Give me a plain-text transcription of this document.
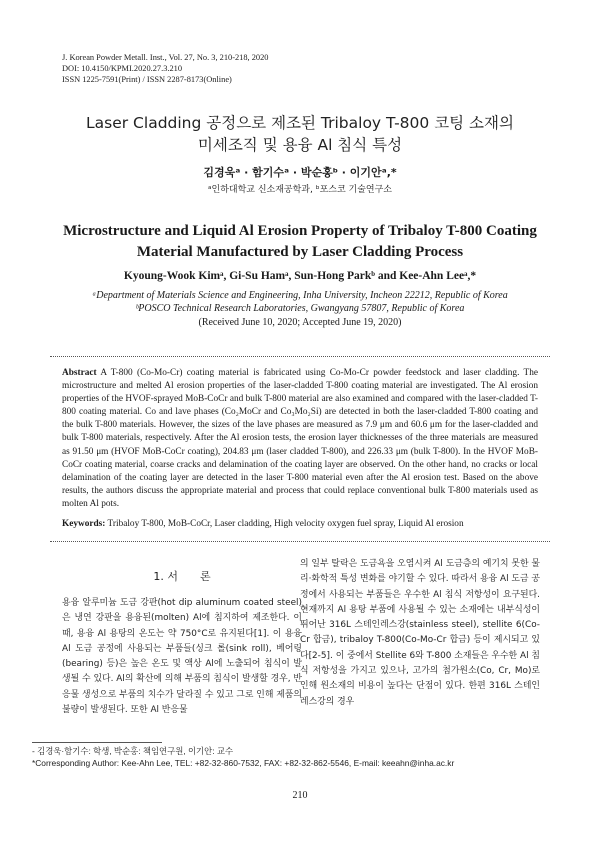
J. Korean Powder Metall. Inst., Vol. 27, No. 3, 210-218, 2020
DOI: 10.4150/KPMI.2020.27.3.210
ISSN 1225-7591(Print) / ISSN 2287-8173(Online)
Laser Cladding 공정으로 제조된 Tribaloy T-800 코팅 소재의
미세조직 및 용융 Al 침식 특성
김경욱ᵃ · 함기수ᵃ · 박순홍ᵇ · 이기안ᵃ,*
ᵃ인하대학교 신소재공학과, ᵇ포스코 기술연구소
Microstructure and Liquid Al Erosion Property of Tribaloy T-800 Coating
Material Manufactured by Laser Cladding Process
Kyoung-Wook Kimᵃ, Gi-Su Hamᵃ, Sun-Hong Parkᵇ and Kee-Ahn Leeᵃ,*
ᵃDepartment of Materials Science and Engineering, Inha University, Incheon 22212, Republic of Korea
ᵇPOSCO Technical Research Laboratories, Gwangyang 57807, Republic of Korea
(Received June 10, 2020; Accepted June 19, 2020)
Abstract A T-800 (Co-Mo-Cr) coating material is fabricated using Co-Mo-Cr powder feedstock and laser cladding. The microstructure and melted Al erosion properties of the laser-cladded T-800 coating material are investigated. The Al erosion properties of the HVOF-sprayed MoB-CoCr and bulk T-800 material are also examined and compared with the laser-cladded T-800 coating material. Co and lave phases (Co₂MoCr and Co₃Mo₂Si) are detected in both the laser-cladded T-800 coating and the bulk T-800 materials. However, the sizes of the lave phases are measured as 7.9 μm and 60.6 μm for the laser-cladded and bulk T-800 materials, respectively. After the Al erosion tests, the erosion layer thicknesses of the three materials are measured as 91.50 μm (HVOF MoB-CoCr coating), 204.83 μm (laser cladded T-800), and 226.33 μm (bulk T-800). In the HVOF MoB-CoCr coating material, coarse cracks and delamination of the coating layer are observed. On the other hand, no cracks or local delamination of the coating layer are detected in the laser T-800 material even after the Al erosion test. Based on the above results, the authors discuss the appropriate material and process that could replace conventional bulk T-800 materials used as molten Al pots.
Keywords: Tribaloy T-800, MoB-CoCr, Laser cladding, High velocity oxygen fuel spray, Liquid Al erosion
1. 서　　론
용융 알루미늄 도금 강판(hot dip aluminum coated steel)은 냉연 강판을 용융된(molten) Al에 침지하여 제조한다. 이때, 용융 Al 용탕의 온도는 약 750°C로 유지된다[1]. 이 용융 Al 도금 공정에 사용되는 부품들(싱크 롤(sink roll), 베어링(bearing) 등)은 높은 온도 및 액상 Al에 노출되어 침식이 발생될 수 있다. Al의 확산에 의해 부품의 침식이 발생할 경우, 반응물 생성으로 부품의 치수가 달라질 수 있고 그로 인해 제품의 불량이 발생된다. 또한 Al 반응물
의 일부 탈락은 도금욕을 오염시켜 Al 도금층의 예기치 못한 물리·화학적 특성 변화를 야기할 수 있다. 따라서 용융 Al 도금 공정에서 사용되는 부품들은 우수한 Al 침식 저항성이 요구된다. 현재까지 Al 용탕 부품에 사용될 수 있는 소재에는 내부식성이 뛰어난 316L 스테인레스강(stainless steel), stellite 6(Co-Cr 합금), tribaloy T-800(Co-Mo-Cr 합금) 등이 제시되고 있다[2-5]. 이 중에서 Stellite 6와 T-800 소재들은 우수한 Al 침식 저항성을 가지고 있으나, 고가의 첨가원소(Co, Cr, Mo)로 인해 원소재의 비용이 높다는 단점이 있다. 한편 316L 스테인레스강의 경우
- 김경욱·함기수: 학생, 박순홍: 책임연구원, 이기안: 교수
*Corresponding Author: Kee-Ahn Lee, TEL: +82-32-860-7532, FAX: +82-32-862-5546, E-mail: keeahn@inha.ac.kr
210
